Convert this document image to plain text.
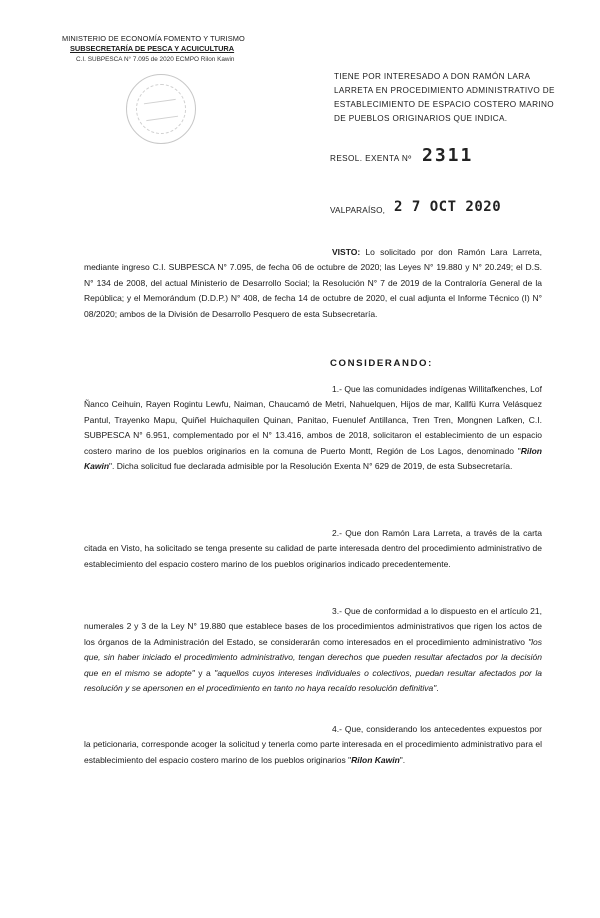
MINISTERIO DE ECONOMÍA FOMENTO Y TURISMO
SUBSECRETARÍA DE PESCA Y ACUICULTURA
C.I. SUBPESCA N° 7.095 de 2020 ECMPO Rilon Kawin
TIENE POR INTERESADO A DON RAMÓN LARA LARRETA EN PROCEDIMIENTO ADMINISTRATIVO DE ESTABLECIMIENTO DE ESPACIO COSTERO MARINO DE PUEBLOS ORIGINARIOS QUE INDICA.
RESOL. EXENTA Nº 2311
VALPARAÍSO, 2 7 OCT 2020
VISTO: Lo solicitado por don Ramón Lara Larreta, mediante ingreso C.I. SUBPESCA N° 7.095, de fecha 06 de octubre de 2020; las Leyes N° 19.880 y N° 20.249; el D.S. N° 134 de 2008, del actual Ministerio de Desarrollo Social; la Resolución N° 7 de 2019 de la Contraloría General de la República; y el Memorándum (D.D.P.) N° 408, de fecha 14 de octubre de 2020, el cual adjunta el Informe Técnico (I) N° 08/2020; ambos de la División de Desarrollo Pesquero de esta Subsecretaría.
CONSIDERANDO:
1.- Que las comunidades indígenas Willitafkenches, Lof Ñanco Ceihuin, Rayen Rogintu Lewfu, Naiman, Chaucamó de Metri, Nahuelquen, Hijos de mar, Kallfü Kurra Velásquez Pantul, Trayenko Mapu, Quiñel Huichaquilen Quinan, Panitao, Fuenulef Antillanca, Tren Tren, Mongnen Lafken, C.I. SUBPESCA N° 6.951, complementado por el N° 13.416, ambos de 2018, solicitaron el establecimiento de un espacio costero marino de los pueblos originarios en la comuna de Puerto Montt, Región de Los Lagos, denominado "Rilon Kawin". Dicha solicitud fue declarada admisible por la Resolución Exenta N° 629 de 2019, de esta Subsecretaría.
2.- Que don Ramón Lara Larreta, a través de la carta citada en Visto, ha solicitado se tenga presente su calidad de parte interesada dentro del procedimiento administrativo de establecimiento del espacio costero marino de los pueblos originarios indicado precedentemente.
3.- Que de conformidad a lo dispuesto en el artículo 21, numerales 2 y 3 de la Ley N° 19.880 que establece bases de los procedimientos administrativos que rigen los actos de los órganos de la Administración del Estado, se considerarán como interesados en el procedimiento administrativo "los que, sin haber iniciado el procedimiento administrativo, tengan derechos que pueden resultar afectados por la decisión que en el mismo se adopte" y a "aquellos cuyos intereses individuales o colectivos, puedan resultar afectados por la resolución y se apersonen en el procedimiento en tanto no haya recaído resolución definitiva".
4.- Que, considerando los antecedentes expuestos por la peticionaria, corresponde acoger la solicitud y tenerla como parte interesada en el procedimiento administrativo para el establecimiento del espacio costero marino de los pueblos originarios "Rilon Kawin".
